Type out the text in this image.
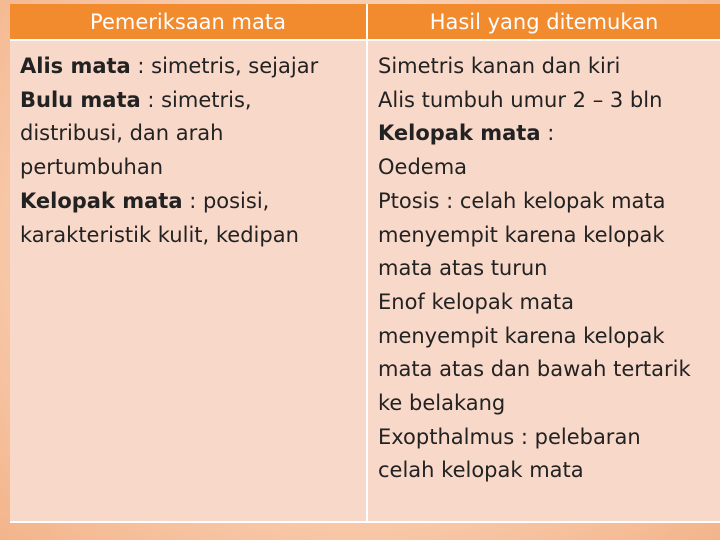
Pemeriksaan mata	Hasil yang ditemukan
Alis mata : simetris, sejajar
Bulu mata : simetris,
distribusi, dan arah
pertumbuhan
Kelopak mata : posisi,
karakteristik kulit, kedipan
Simetris kanan dan kiri
Alis tumbuh umur 2 – 3 bln
Kelopak mata :
Oedema
Ptosis : celah kelopak mata
menyempit karena kelopak
mata atas turun
Enof kelopak mata
menyempit karena kelopak
mata atas dan bawah tertarik
ke belakang
Exopthalmus : pelebaran
celah kelopak mata
